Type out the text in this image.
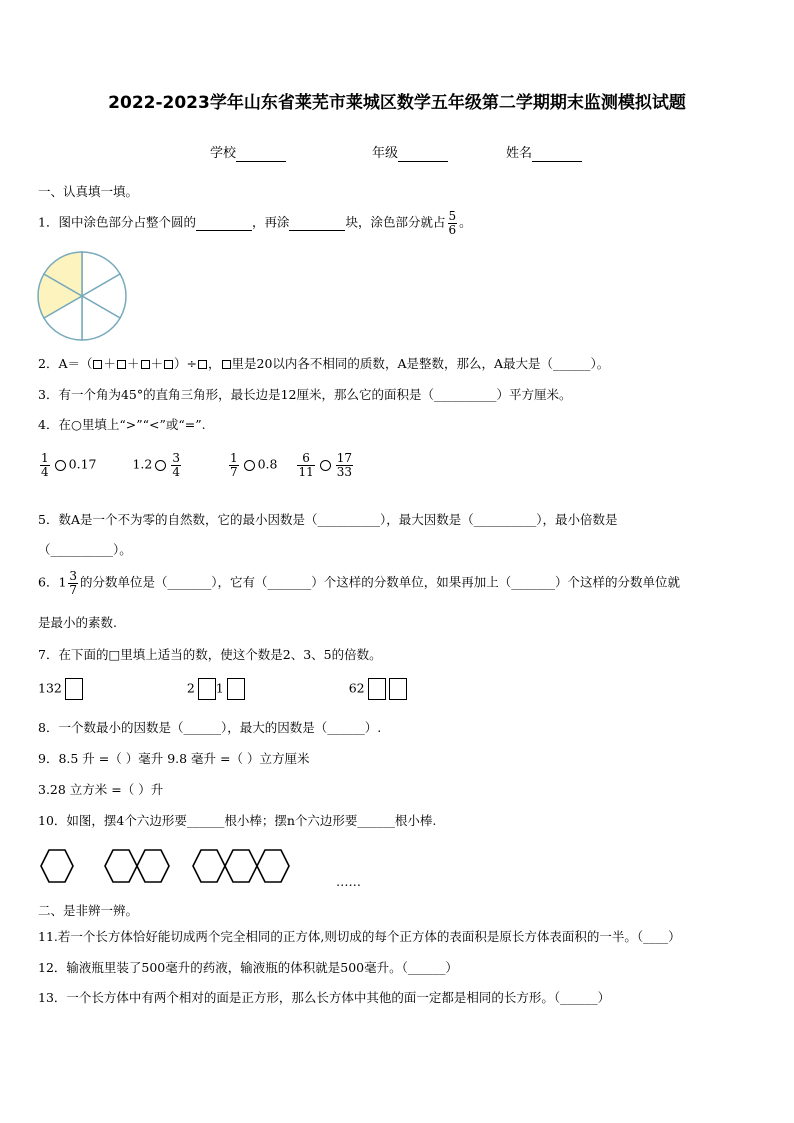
2022-2023学年山东省莱芜市莱城区数学五年级第二学期期末监测模拟试题
学校	年级	姓名
一、认真填一填。
1．图中涂色部分占整个圆的	，再涂	块，涂色部分就占 $\frac{5}{6}$ 。
2．A＝（ ＋ ＋ ＋ ）÷ ， 里是20以内各不相同的质数，A是整数，那么，A最大是（______）。
3．有一个角为45°的直角三角形，最长边是12厘米，那么它的面积是（__________）平方厘米。
4．在○里填上“>”“<”或“=”.
$\frac{1}{4} 0.17$	$1.2 \frac{3}{4}$
	$\frac{1}{7} 0.8 \frac{6}{11} \frac{17}{33}$
5．数A是一个不为零的自然数，它的最小因数是（__________），最大因数是（__________），最小倍数是
（__________）。
6．$1 \frac{3}{7}$ 的分数单位是（_______），它有（_______）个这样的分数单位，如果再加上（_______）个这样的分数单位就
是最小的素数.
7．在下面的□里填上适当的数，使这个数是2、3、5的倍数。
132	2 1	62
8．一个数最小的因数是（______），最大的因数是（______）.
9．8.5 升 =（ ）毫升 9.8 毫升 =（ ）立方厘米
3.28 立方米 =（ ）升
10．如图，摆4个六边形要______根小棒；摆n个六边形要______根小棒.
……
二、是非辨一辨。
11.若一个长方体恰好能切成两个完全相同的正方体,则切成的每个正方体的表面积是原长方体表面积的一半。（____）
12．输液瓶里装了500毫升的药液，输液瓶的体积就是500毫升。（______）
13．一个长方体中有两个相对的面是正方形，那么长方体中其他的面一定都是相同的长方形。（______）
